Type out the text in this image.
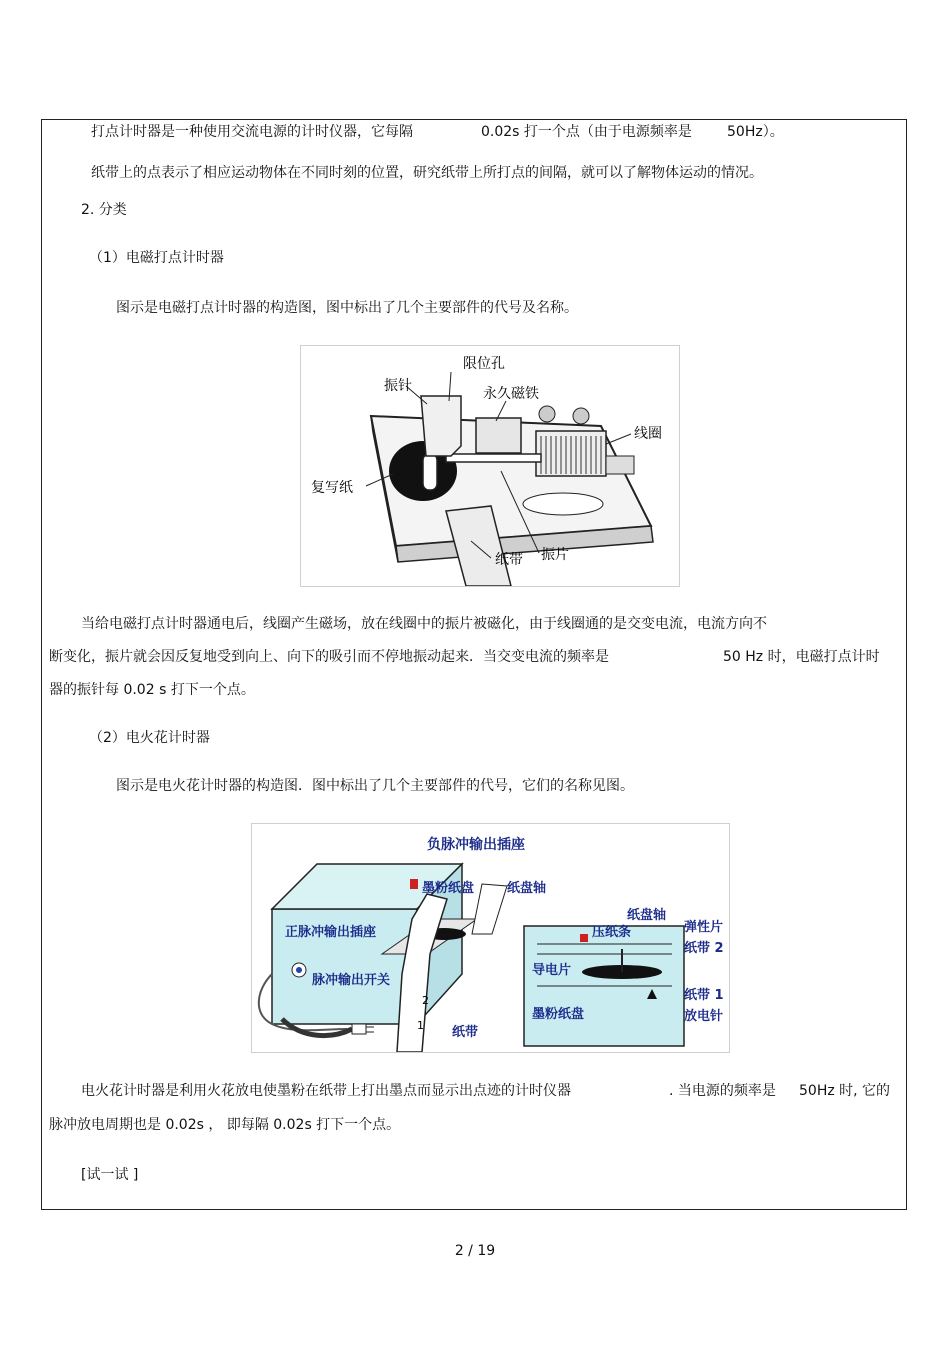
打点计时器是一种使用交流电源的计时仪器，它每隔	0.02s 打一个点（由于电源频率是	50Hz）。
纸带上的点表示了相应运动物体在不同时刻的位置，研究纸带上所打点的间隔，就可以了解物体运动的情况。
2. 分类
（1）电磁打点计时器
图示是电磁打点计时器的构造图，图中标出了几个主要部件的代号及名称。
限位孔
振针	永久磁铁
线圈
复写纸
纸带 振片
当给电磁打点计时器通电后，线圈产生磁场，放在线圈中的振片被磁化，由于线圈通的是交变电流，电流方向不
断变化，振片就会因反复地受到向上、向下的吸引而不停地振动起来．当交变电流的频率是	50 Hz 时，电磁打点计时
器的振针每 0.02 s 打下一个点。
（2）电火花计时器
图示是电火花计时器的构造图．图中标出了几个主要部件的代号，它们的名称见图。
负脉冲输出插座
墨粉纸盘	纸盘轴
正脉冲输出插座
脉冲输出开关
2
1 纸带
压纸条
纸盘轴
弹性片
纸带 2
导电片
纸带 1
墨粉纸盘	放电针
电火花计时器是利用火花放电使墨粉在纸带上打出墨点而显示出点迹的计时仪器	. 当电源的频率是 50Hz 时, 它的
脉冲放电周期也是 0.02s ， 即每隔 0.02s 打下一个点。
[试一试 ]
2 / 19
